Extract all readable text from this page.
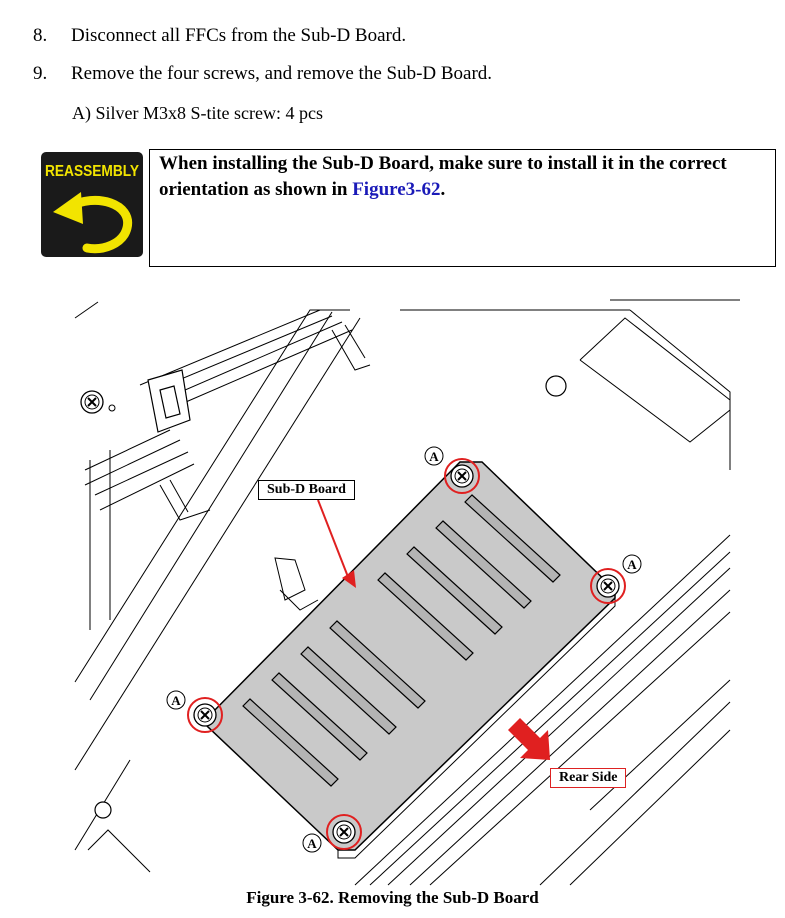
8. Disconnect all FFCs from the Sub-D Board.
9. Remove the four screws, and remove the Sub-D Board.
A) Silver M3x8 S-tite screw: 4 pcs
REASSEMBLY When installing the Sub-D Board, make sure to install it in the correct orientation as shown in Figure3-62.
A
A
A
A
Sub-D Board
Rear Side
Figure 3-62. Removing the Sub-D Board
